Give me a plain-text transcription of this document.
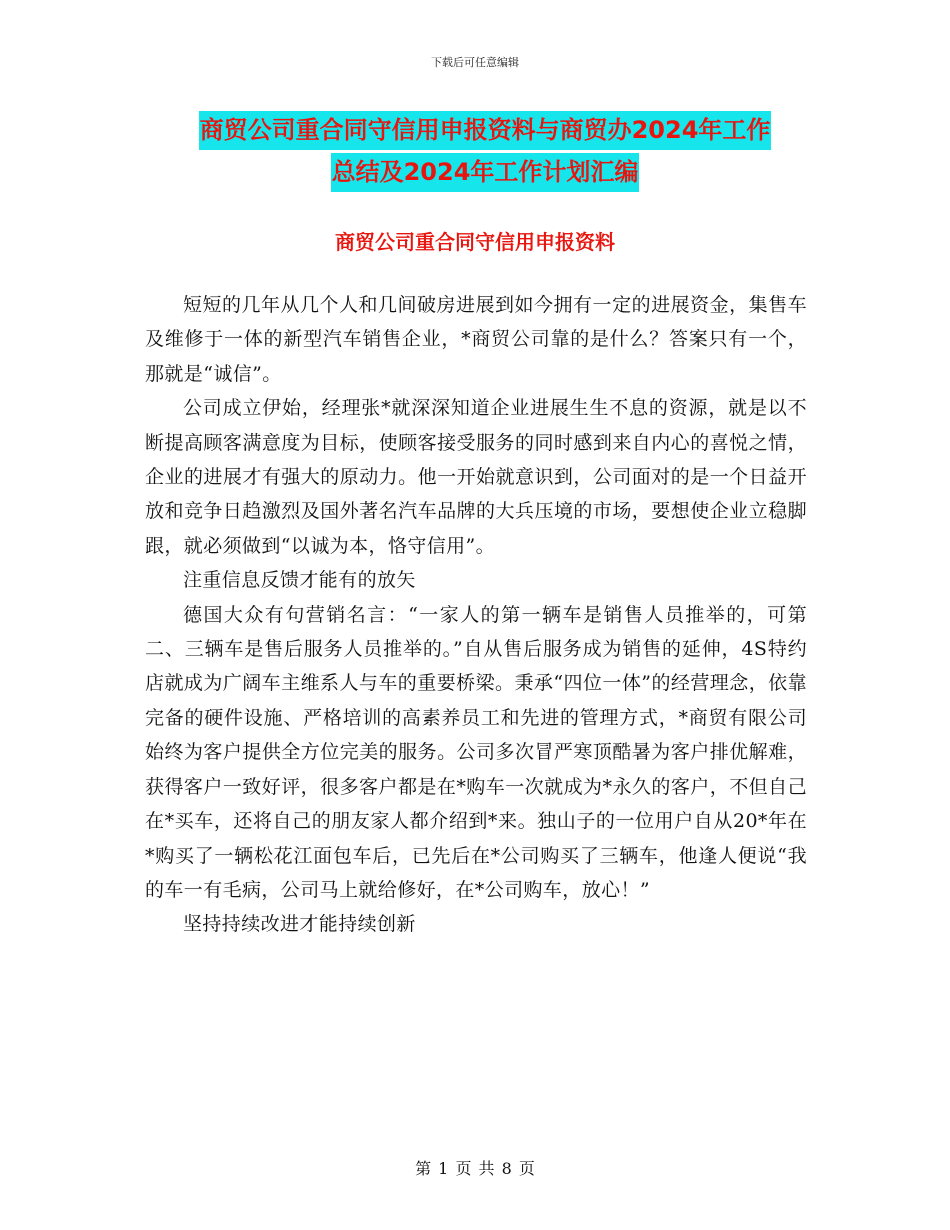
下载后可任意编辑
商贸公司重合同守信用申报资料与商贸办2024年工作
总结及2024年工作计划汇编
商贸公司重合同守信用申报资料

短短的几年从几个人和几间破房进展到如今拥有一定的进展资金，集售车及维修于一体的新型汽车销售企业，*商贸公司靠的是什么？答案只有一个，那就是“诚信”。

公司成立伊始，经理张*就深深知道企业进展生生不息的资源，就是以不断提高顾客满意度为目标，使顾客接受服务的同时感到来自内心的喜悦之情，企业的进展才有强大的原动力。他一开始就意识到，公司面对的是一个日益开放和竞争日趋激烈及国外著名汽车品牌的大兵压境的市场，要想使企业立稳脚跟，就必须做到“以诚为本，恪守信用”。

注重信息反馈才能有的放矢

德国大众有句营销名言：“一家人的第一辆车是销售人员推举的，可第二、三辆车是售后服务人员推举的。”自从售后服务成为销售的延伸，4S特约店就成为广阔车主维系人与车的重要桥梁。秉承“四位一体”的经营理念，依靠完备的硬件设施、严格培训的高素养员工和先进的管理方式，*商贸有限公司始终为客户提供全方位完美的服务。公司多次冒严寒顶酷暑为客户排优解难，获得客户一致好评，很多客户都是在*购车一次就成为*永久的客户，不但自己在*买车，还将自己的朋友家人都介绍到*来。独山子的一位用户自从20*年在*购买了一辆松花江面包车后，已先后在*公司购买了三辆车，他逢人便说“我的车一有毛病，公司马上就给修好，在*公司购车，放心！”

坚持持续改进才能持续创新

第 1 页 共 8 页
